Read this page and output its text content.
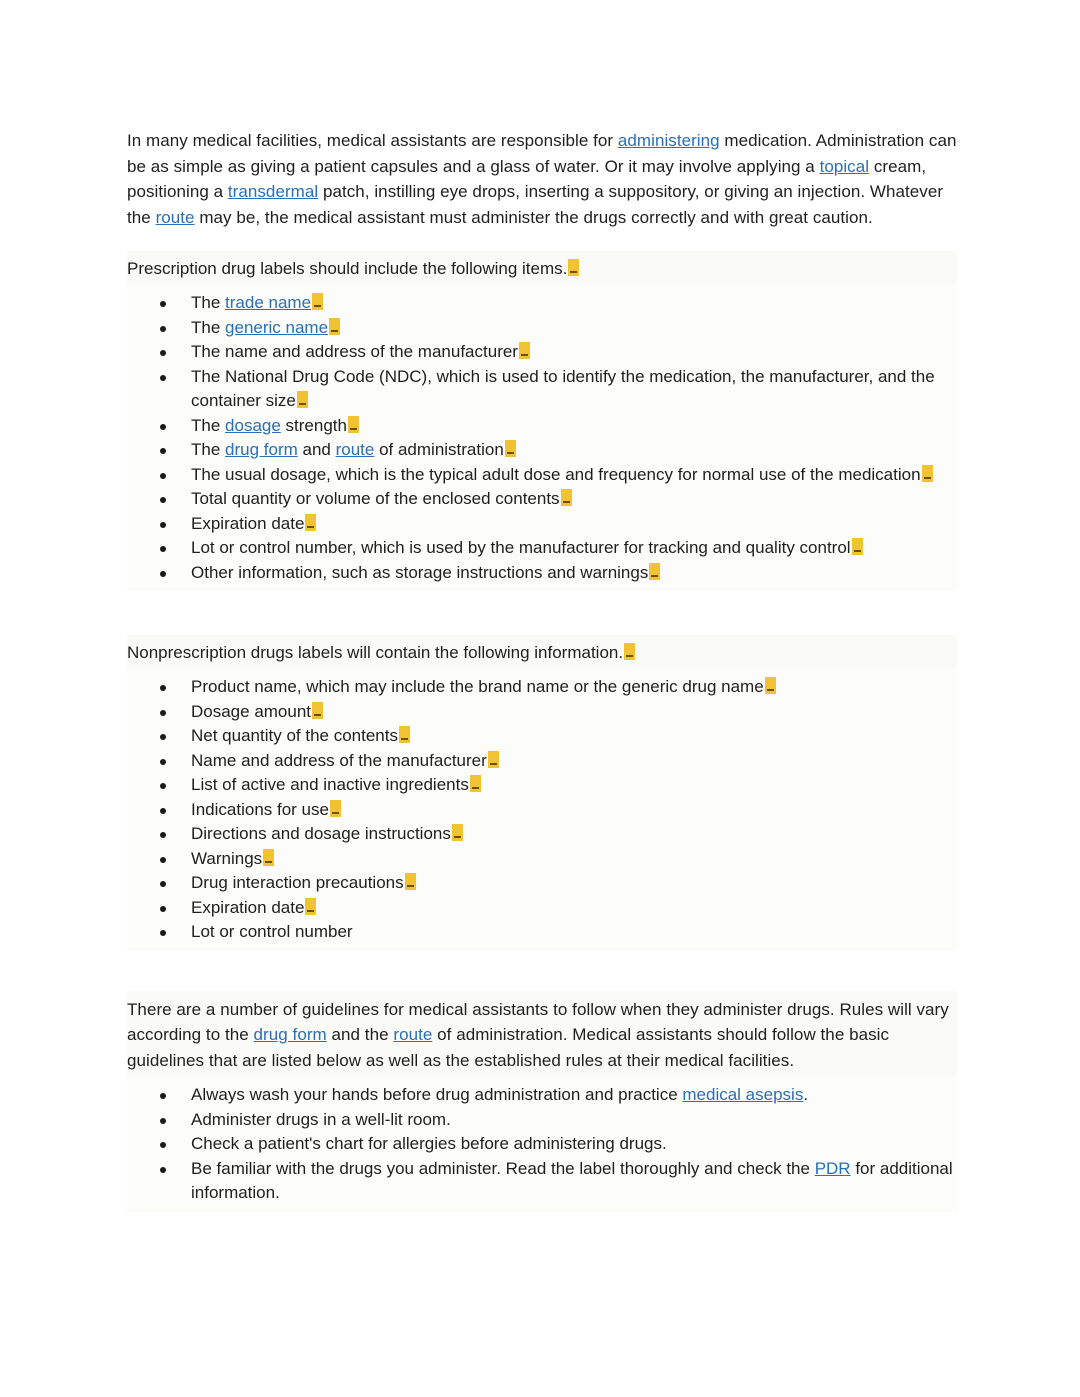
In many medical facilities, medical assistants are responsible for administering medication. Administration can be as simple as giving a patient capsules and a glass of water. Or it may involve applying a topical cream, positioning a transdermal patch, instilling eye drops, inserting a suppository, or giving an injection. Whatever the route may be, the medical assistant must administer the drugs correctly and with great caution.

Prescription drug labels should include the following items.

The trade name
The generic name
The name and address of the manufacturer
The National Drug Code (NDC), which is used to identify the medication, the manufacturer, and the container size
The dosage strength
The drug form and route of administration
The usual dosage, which is the typical adult dose and frequency for normal use of the medication
Total quantity or volume of the enclosed contents
Expiration date
Lot or control number, which is used by the manufacturer for tracking and quality control
Other information, such as storage instructions and warnings

Nonprescription drugs labels will contain the following information.

Product name, which may include the brand name or the generic drug name
Dosage amount
Net quantity of the contents
Name and address of the manufacturer
List of active and inactive ingredients
Indications for use
Directions and dosage instructions
Warnings
Drug interaction precautions
Expiration date
Lot or control number

There are a number of guidelines for medical assistants to follow when they administer drugs. Rules will vary according to the drug form and the route of administration. Medical assistants should follow the basic guidelines that are listed below as well as the established rules at their medical facilities.

Always wash your hands before drug administration and practice medical asepsis.
Administer drugs in a well-lit room.
Check a patient's chart for allergies before administering drugs.
Be familiar with the drugs you administer. Read the label thoroughly and check the PDR for additional information.
